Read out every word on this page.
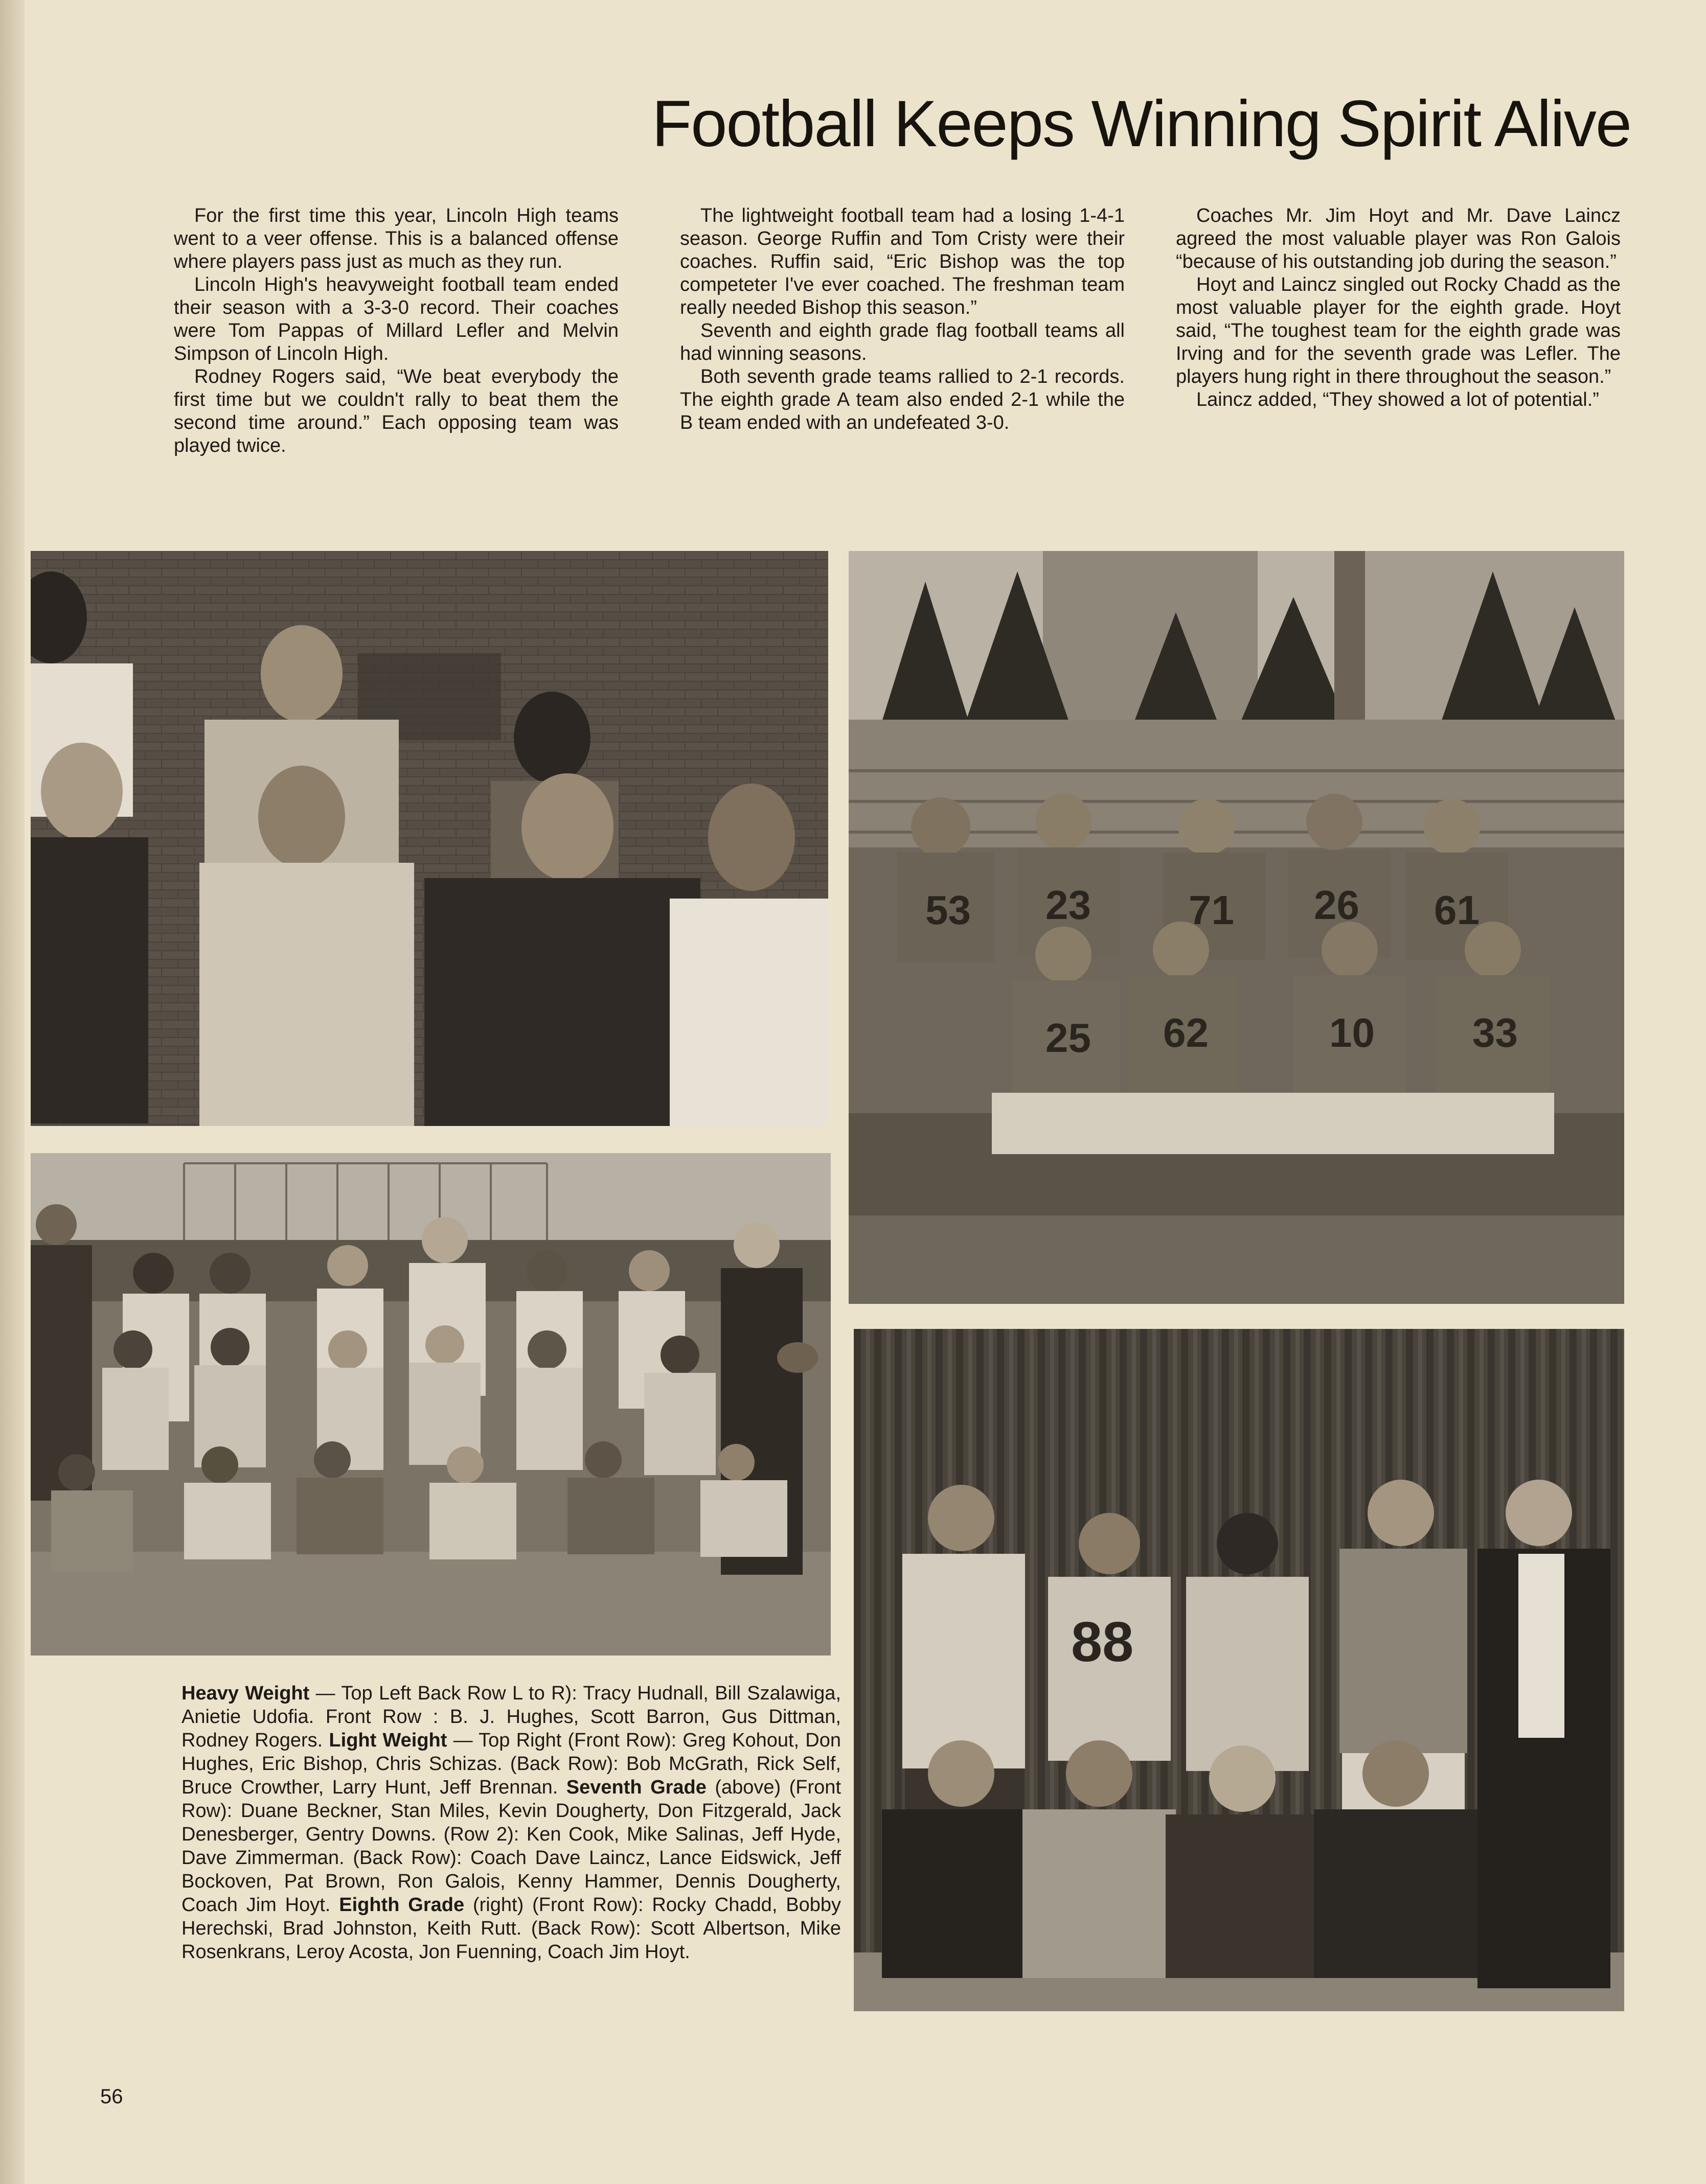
Football Keeps Winning Spirit Alive

For the first time this year, Lincoln High teams went to a veer offense. This is a balanced offense where players pass just as much as they run.

Lincoln High's heavyweight football team ended their season with a 3-3-0 record. Their coaches were Tom Pappas of Millard Lefler and Melvin Simpson of Lincoln High.

Rodney Rogers said, “We beat everybody the first time but we couldn't rally to beat them the second time around.” Each opposing team was played twice.

The lightweight football team had a losing 1-4-1 season. George Ruffin and Tom Cristy were their coaches. Ruffin said, “Eric Bishop was the top competeter I've ever coached. The freshman team really needed Bishop this season.”

Seventh and eighth grade flag football teams all had winning seasons.

Both seventh grade teams rallied to 2-1 records. The eighth grade A team also ended 2-1 while the B team ended with an undefeated 3-0.

Coaches Mr. Jim Hoyt and Mr. Dave Laincz agreed the most valuable player was Ron Galois “because of his outstanding job during the season.”

Hoyt and Laincz singled out Rocky Chadd as the most valuable player for the eighth grade. Hoyt said, “The toughest team for the eighth grade was Irving and for the seventh grade was Lefler. The players hung right in there throughout the season.”

Laincz added, “They showed a lot of potential.”

53 23 71 26 61
25 62	10 33
88
Heavy Weight — Top Left Back Row L to R): Tracy Hudnall, Bill Szalawiga, Anietie Udofia. Front Row : B. J. Hughes, Scott Barron, Gus Dittman, Rodney Rogers. Light Weight — Top Right (Front Row): Greg Kohout, Don Hughes, Eric Bishop, Chris Schizas. (Back Row): Bob McGrath, Rick Self, Bruce Crowther, Larry Hunt, Jeff Brennan. Seventh Grade (above) (Front Row): Duane Beckner, Stan Miles, Kevin Dougherty, Don Fitzgerald, Jack Denesberger, Gentry Downs. (Row 2): Ken Cook, Mike Salinas, Jeff Hyde, Dave Zimmerman. (Back Row): Coach Dave Laincz, Lance Eidswick, Jeff Bockoven, Pat Brown, Ron Galois, Kenny Hammer, Dennis Dougherty, Coach Jim Hoyt. Eighth Grade (right) (Front Row): Rocky Chadd, Bobby Herechski, Brad Johnston, Keith Rutt. (Back Row): Scott Albertson, Mike Rosenkrans, Leroy Acosta, Jon Fuenning, Coach Jim Hoyt.
56
